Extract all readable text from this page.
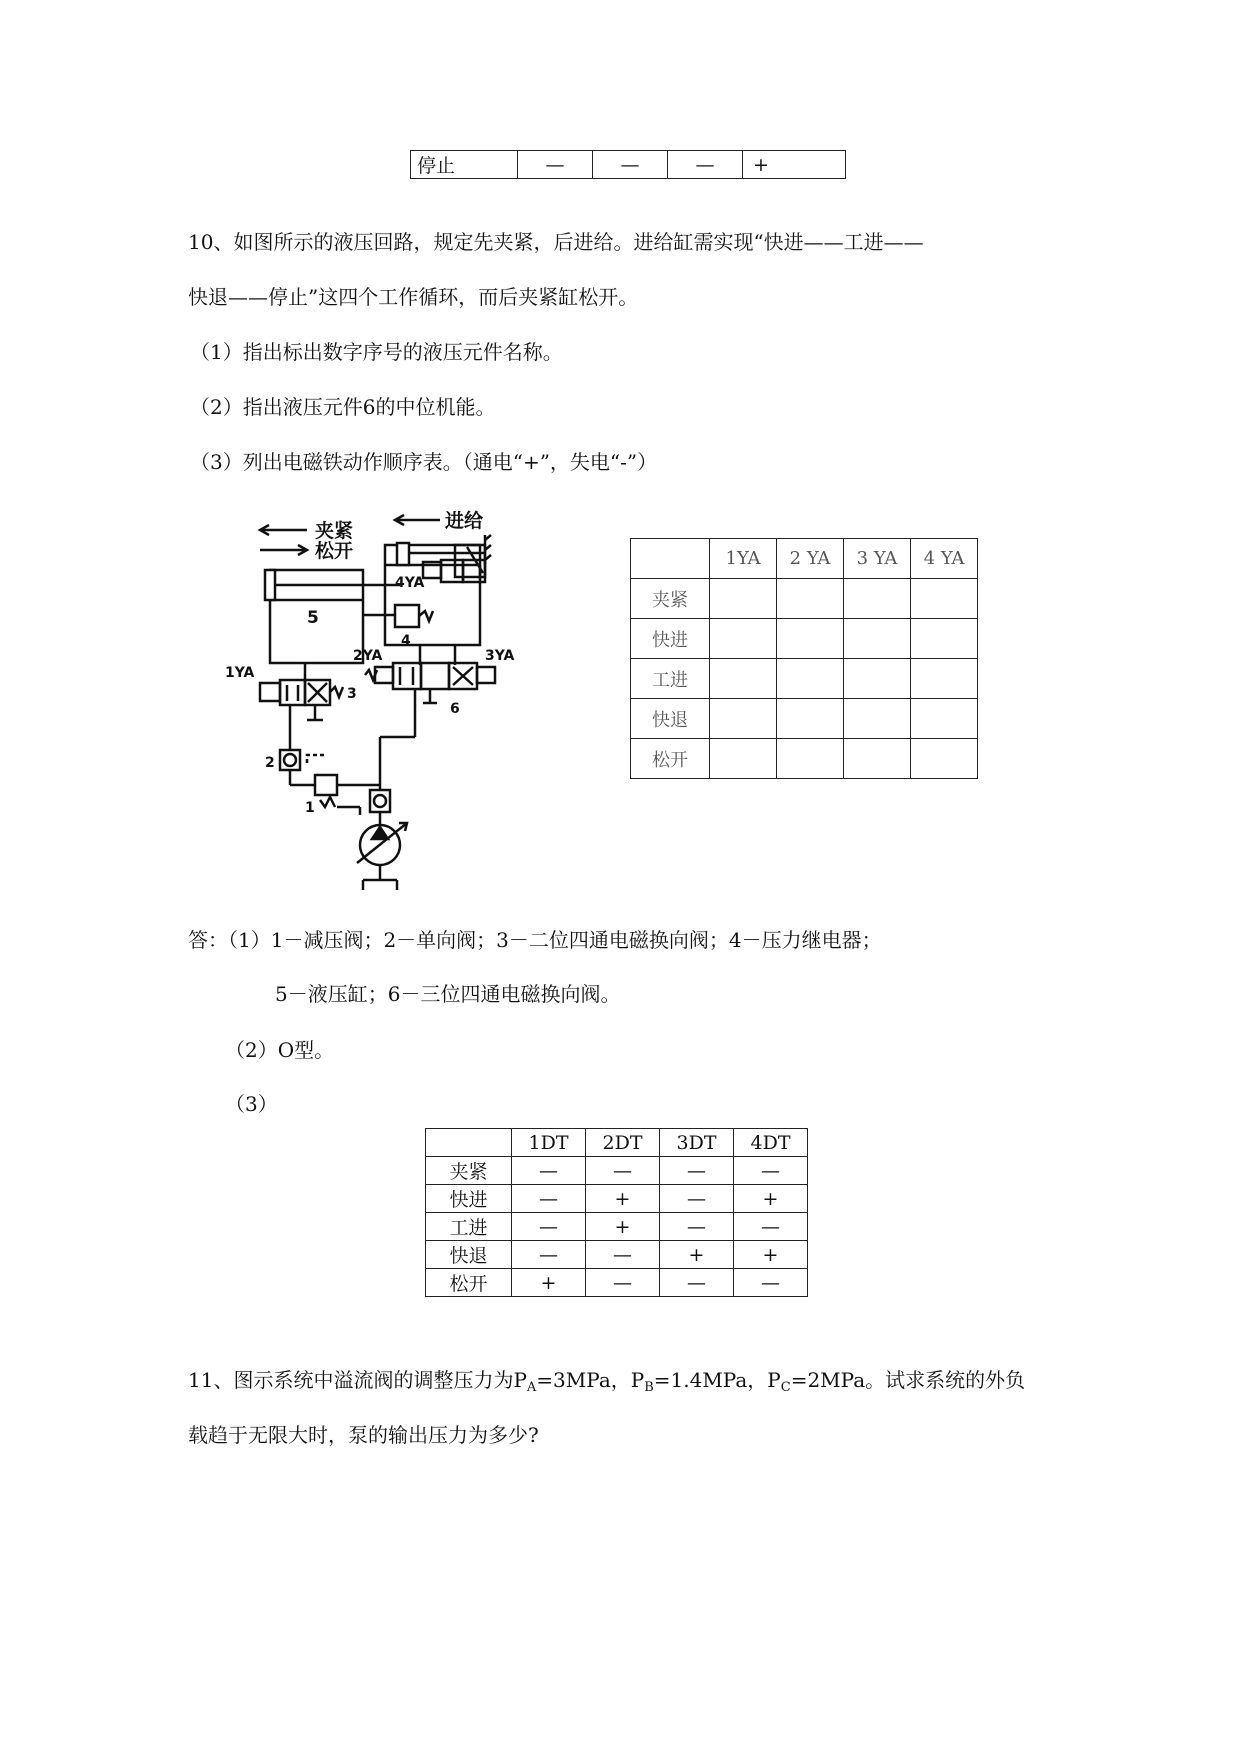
停止	—	—	—	+
10、如图所示的液压回路，规定先夹紧，后进给。进给缸需实现“快进——工进——
快退——停止”这四个工作循环，而后夹紧缸松开。
（1）指出标出数字序号的液压元件名称。
（2）指出液压元件6的中位机能。
（3）列出电磁铁动作顺序表。（通电“+”，失电“-”）
夹紧
松开
5
4
1YA
3
2
1
进给
4YA
2YA	3YA
6
	1YA	2 YA	3 YA	4 YA
夹紧				
快进				
工进				
快退				
松开				
答：（1）1－减压阀；2－单向阀；3－二位四通电磁换向阀；4－压力继电器；
5－液压缸；6－三位四通电磁换向阀。
（2）O型。
（3）
	1DT	2DT	3DT	4DT
夹紧	—	—	—	—
快进	—	+	—	+
工进	—	+	—	—
快退	—	—	+	+
松开	+	—	—	—
11、图示系统中溢流阀的调整压力为$P_A=3MPa$，$P_B=1.4MPa$，$P_C=2MPa$。试求系统的外负
载趋于无限大时，泵的输出压力为多少?
